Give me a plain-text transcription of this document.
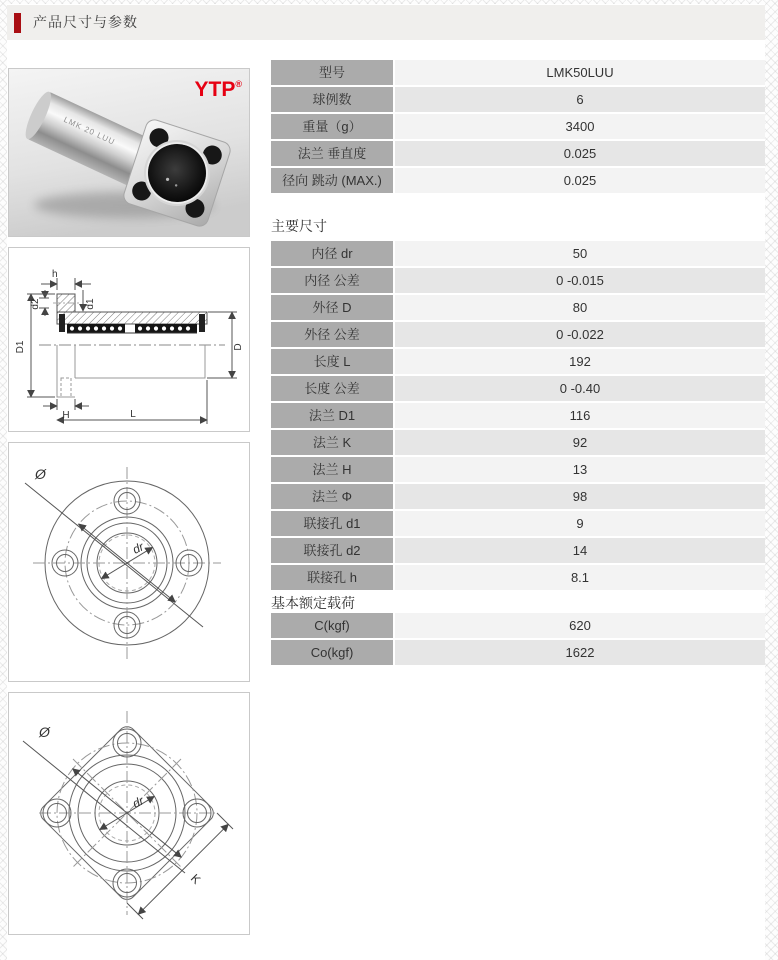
产品尺寸与参数
LMK 20 LUU
YTP®
h
d1
d2
D1	D
H	L
Ø
dr
Ø
dr
K
型号	LMK50LUU
球例数	6
重量（g）	3400
法兰 垂直度	0.025
径向 跳动 (MAX.)	0.025
主要尺寸
内径 dr	50
内径 公差	0 -0.015
外径 D	80
外径 公差	0 -0.022
长度 L	192
长度 公差	0 -0.40
法兰 D1	116
法兰 K	92
法兰 H	13
法兰 Φ	98
联接孔 d1	9
联接孔 d2	14
联接孔 h	8.1
基本额定载荷
C(kgf)	620
Co(kgf)	1622
